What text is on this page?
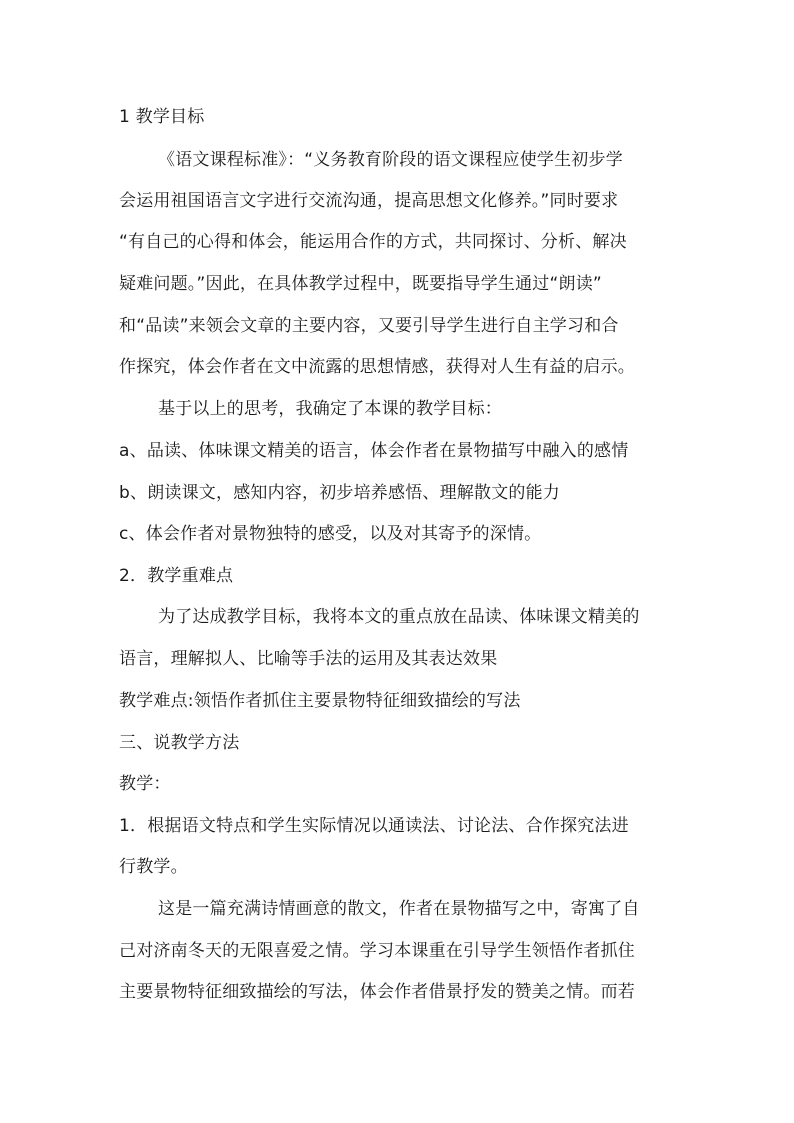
1 教学目标
《语文课程标准》：“义务教育阶段的语文课程应使学生初步学
会运用祖国语言文字进行交流沟通，提高思想文化修养。”同时要求
“有自己的心得和体会，能运用合作的方式，共同探讨、分析、解决
疑难问题。”因此，在具体教学过程中，既要指导学生通过“朗读”
和“品读”来领会文章的主要内容，又要引导学生进行自主学习和合
作探究，体会作者在文中流露的思想情感，获得对人生有益的启示。
基于以上的思考，我确定了本课的教学目标：
a、品读、体味课文精美的语言，体会作者在景物描写中融入的感情
b、朗读课文，感知内容，初步培养感悟、理解散文的能力
c、体会作者对景物独特的感受，以及对其寄予的深情。
2．教学重难点
为了达成教学目标，我将本文的重点放在品读、体味课文精美的
语言，理解拟人、比喻等手法的运用及其表达效果
教学难点:领悟作者抓住主要景物特征细致描绘的写法
三、说教学方法
教学：
1．根据语文特点和学生实际情况以通读法、讨论法、合作探究法进
行教学。
这是一篇充满诗情画意的散文，作者在景物描写之中，寄寓了自
己对济南冬天的无限喜爱之情。学习本课重在引导学生领悟作者抓住
主要景物特征细致描绘的写法，体会作者借景抒发的赞美之情。而若
